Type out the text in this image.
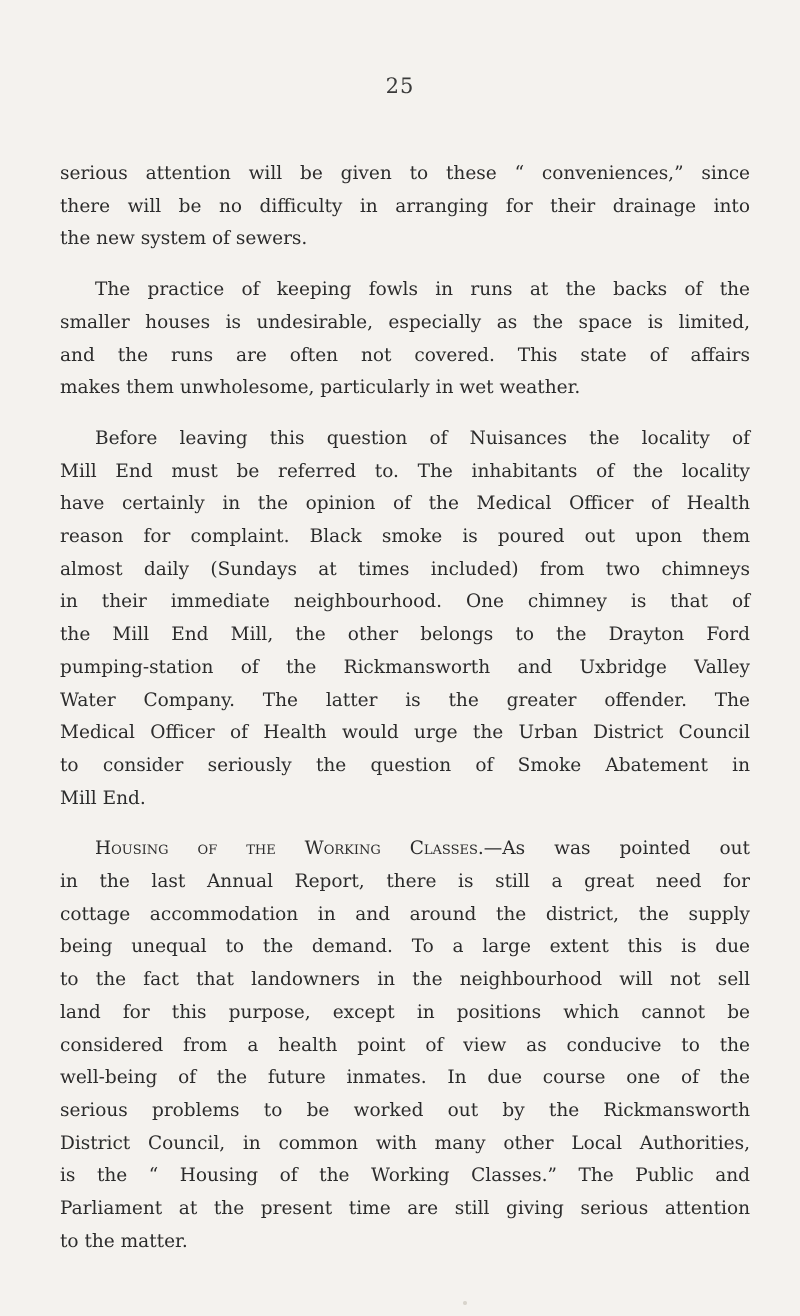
25

serious attention will be given to these “ conveniences,” since
there will be no difficulty in arranging for their drainage into
the new system of sewers.

The practice of keeping fowls in runs at the backs of the
smaller houses is undesirable, especially as the space is limited,
and the runs are often not covered. This state of affairs
makes them unwholesome, particularly in wet weather.

Before leaving this question of Nuisances the locality of
Mill End must be referred to. The inhabitants of the locality
have certainly in the opinion of the Medical Officer of Health
reason for complaint. Black smoke is poured out upon them
almost daily (Sundays at times included) from two chimneys
in their immediate neighbourhood. One chimney is that of
the Mill End Mill, the other belongs to the Drayton Ford
pumping-station of the Rickmansworth and Uxbridge Valley
Water Company. The latter is the greater offender. The
Medical Officer of Health would urge the Urban District Council
to consider seriously the question of Smoke Abatement in
Mill End.

Housing of the Working Classes.—As was pointed out
in the last Annual Report, there is still a great need for
cottage accommodation in and around the district, the supply
being unequal to the demand. To a large extent this is due
to the fact that landowners in the neighbourhood will not sell
land for this purpose, except in positions which cannot be
considered from a health point of view as conducive to the
well-being of the future inmates. In due course one of the
serious problems to be worked out by the Rickmansworth
District Council, in common with many other Local Authorities,
is the “ Housing of the Working Classes.” The Public and
Parliament at the present time are still giving serious attention
to the matter.
